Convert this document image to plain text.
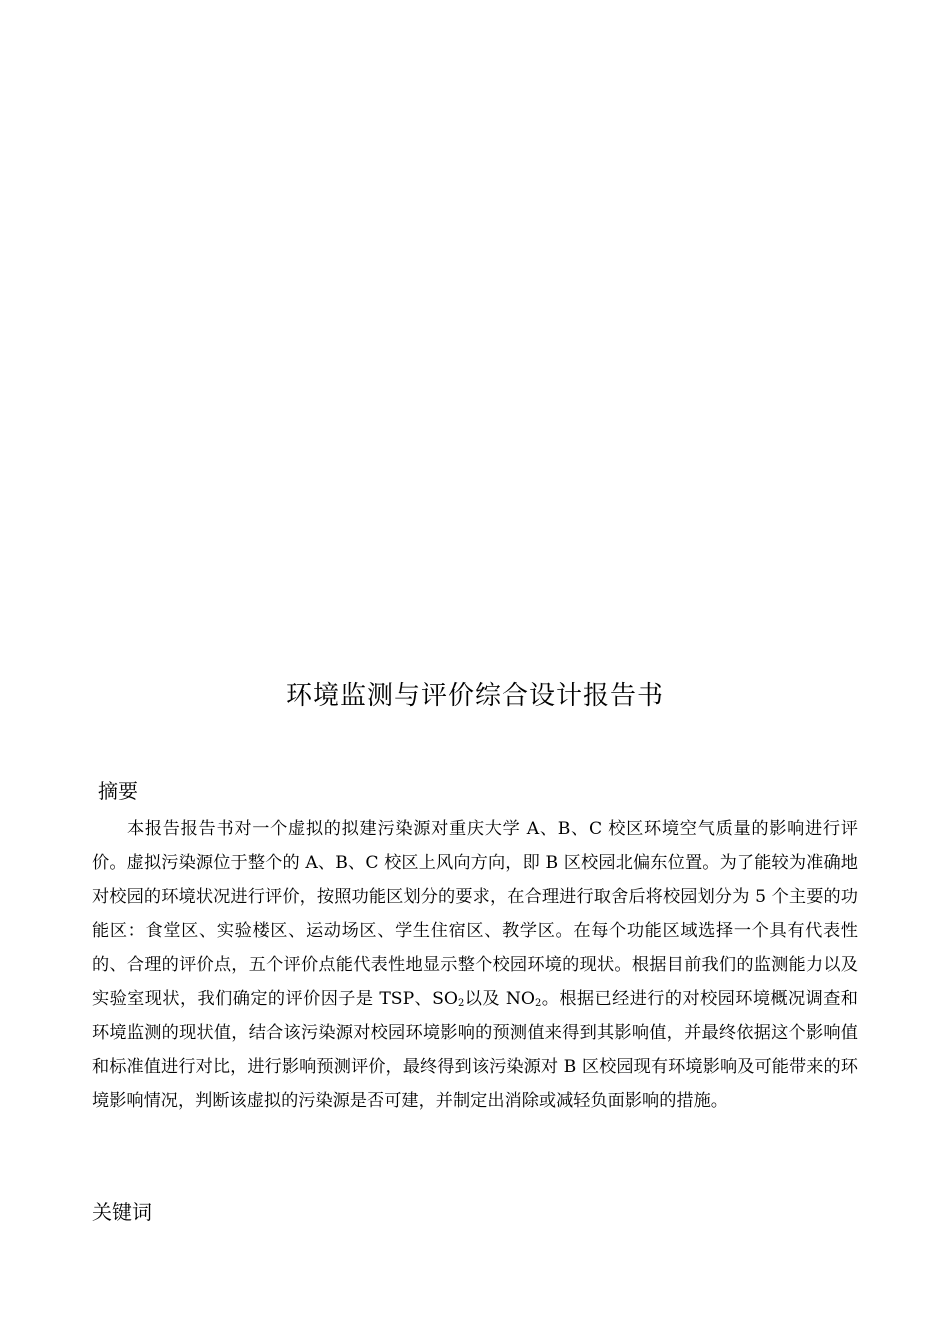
环境监测与评价综合设计报告书
摘要

本报告报告书对一个虚拟的拟建污染源对重庆大学 A、B、C 校区环境空气质量的影响进行评价。虚拟污染源位于整个的 A、B、C 校区上风向方向，即 B 区校园北偏东位置。为了能较为准确地对校园的环境状况进行评价，按照功能区划分的要求，在合理进行取舍后将校园划分为 5 个主要的功能区：食堂区、实验楼区、运动场区、学生住宿区、教学区。在每个功能区域选择一个具有代表性的、合理的评价点，五个评价点能代表性地显示整个校园环境的现状。根据目前我们的监测能力以及实验室现状，我们确定的评价因子是 TSP、$SO_2$以及 $NO_2$。根据已经进行的对校园环境概况调查和环境监测的现状值，结合该污染源对校园环境影响的预测值来得到其影响值，并最终依据这个影响值和标准值进行对比，进行影响预测评价，最终得到该污染源对 B 区校园现有环境影响及可能带来的环境影响情况，判断该虚拟的污染源是否可建，并制定出消除或减轻负面影响的措施。

关键词
